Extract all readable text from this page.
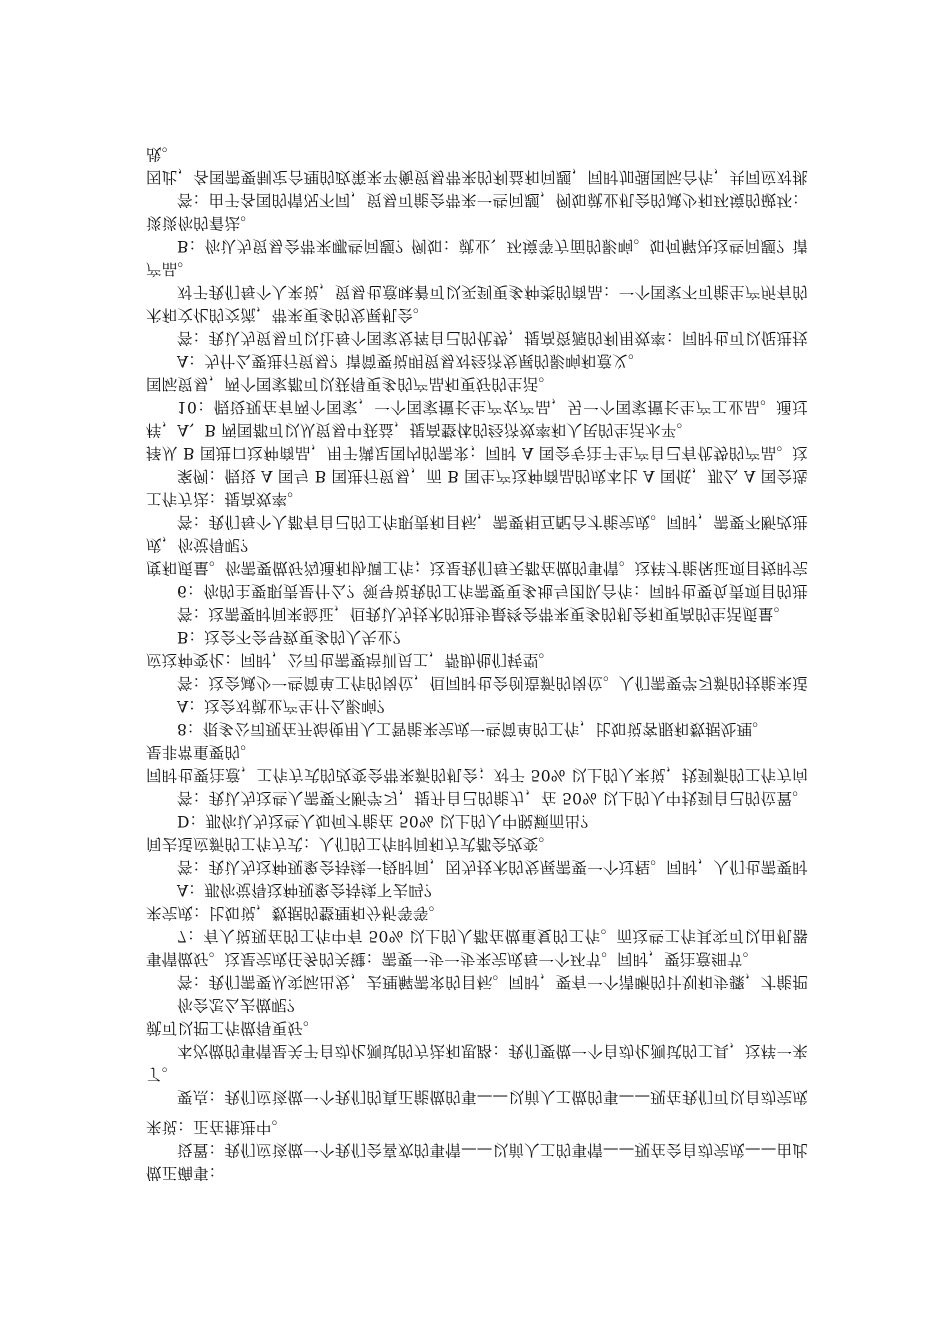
做正确事：

设置：我们应该做一个我们会喜欢的事情——以前人工的事情——现在会自动完成——由此来说：正在推进中。

要点：我们应该做一个我们的真正能做的事——以前人工做的事——现在我们可以自动完成了。

本次做的事情是关于自动化测试的方法和思路：我们要做一个自动化测试的工具，这样一来就可以把工作做得更好。

你会怎么去做呢？

答：我们需要从实际出发，去理解需求的目标。同时，要有一个清晰的计划和步骤，才能把事情做好。这是完成任务的关键：需要一步一步来完成每一个环节。同时，要注意细节。

7：有人说现在的工作中有 50% 以上的人都在做重复的工作。而这些工作其实可以由机器来完成：比如说，数据的整理和分析等等。

A：那你觉得这种现象会持续下去吗？

答：我认为这种现象会持续一段时间，因为技术的发展需要一个过程。同时，人们也需要时间去适应新的工作方式：人们的工作时间和方式都会改变。

D：那你认为这些人如何才能在 50% 以上的人中脱颖而出？

答：我认为这些人需要不断学习，提升自己的能力，在 50% 以上的人中找到自己的位置。同时也要注意，工作方式的改变会带来新的机会；对于 50% 以上的人来说，找到新的工作方向是非常重要的。

8：很多公司现在开始使用人工智能来完成一些简单的工作，比如说客服和数据处理。

A：这会对就业产生什么影响？

答：这会减少一些简单工作的岗位，但同时也会创造新的岗位。人们需要学习新的技能来适应这种变化：同时，公司也需要培训员工，帮助他们转型。

B：这会不会导致更多的人失业？

答：这需要时间来验证，但我认为技术的进步最终会带来更多的机会和更高的生活质量。

6：你的主要职责是什么？领导说我的工作需要更多地与团队合作：同时也要负责项目的进度和质量。你需要做好沟通和协调工作；这是我们每天都在做的事情。这样才能保证项目按时完成，你觉得呢？

答：我们每个人都有自己的工作职责和目标，需要相互配合才能完成。同时，需要不断改进工作方法：提高效率。

案例：假设 A 国与 B 国进行贸易，而 B 国生产这种商品的成本比 A 国低，那么 A 国会选择从 B 国进口这种商品，用于满足国内的需求；同时 A 国会专注于生产自己有优势的产品。这样，A、B 两国都可以从贸易中获益，提高整体的经济效率和人民的生活水平。

10：假设现在有两个国家，一个国家擅长生产农产品，另一个国家擅长生产工业品。通过国际贸易，两个国家都可以获得更多的产品和更好的生活。

A：为什么要进行贸易？请简要说明贸易对经济发展的影响和意义。

答：我认为贸易可以让每个国家发挥自己的优势，提高资源的利用效率：同时也可以促进技术和文化的交流，带来更多的发展机会。

对于我们每个人来说，贸易也意味着可以买到更多种类的商品：一个国家不可能生产所有的产品。

B：你认为贸易会带来哪些问题？例如：就业、环境等方面的影响。如何解决这些问题？请谈谈你的看法。

答：由于各国的情况不同，贸易可能会带来一些问题，例如就业机会的减少和环境的破坏：因此，各国需要制定合理的政策来平衡贸易带来的利益和问题，同时加强国际合作，共同应对挑战。
